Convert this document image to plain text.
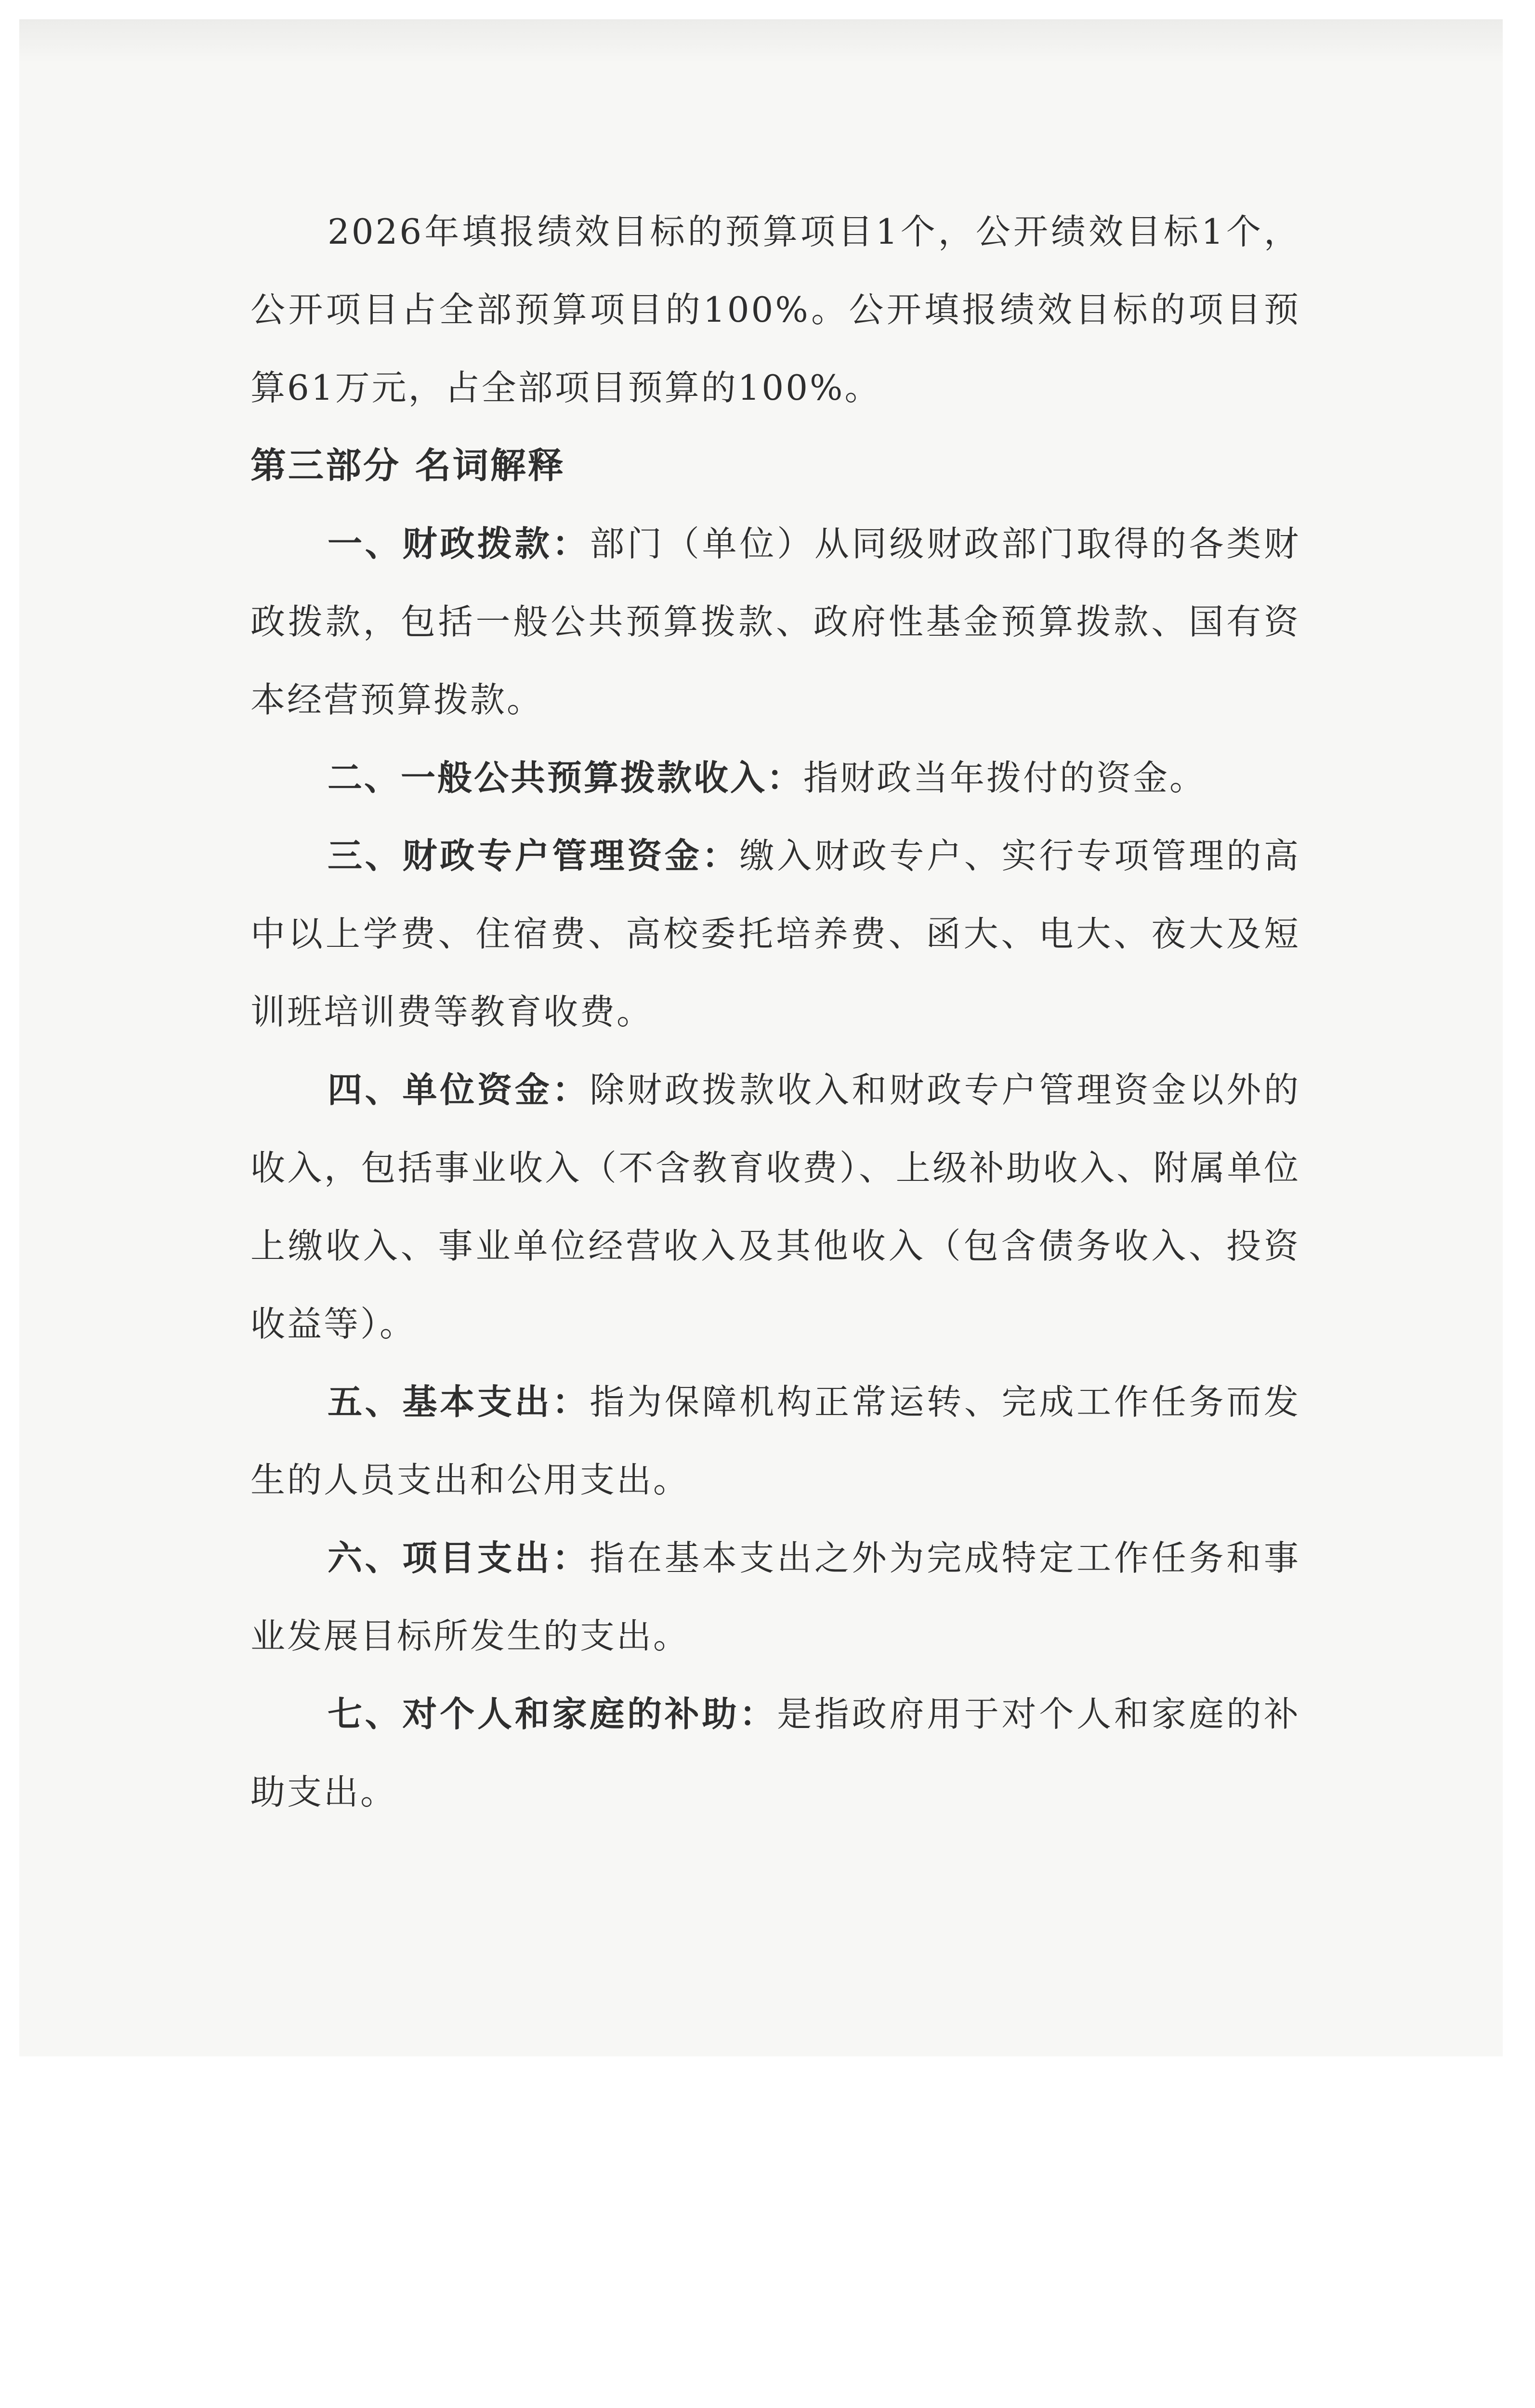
2026年填报绩效目标的预算项目1个，公开绩效目标1个，公开项目占全部预算项目的100%。公开填报绩效目标的项目预算61万元，占全部项目预算的100%。

第三部分 名词解释

一、财政拨款：部门（单位）从同级财政部门取得的各类财政拨款，包括一般公共预算拨款、政府性基金预算拨款、国有资本经营预算拨款。

二、一般公共预算拨款收入：指财政当年拨付的资金。

三、财政专户管理资金：缴入财政专户、实行专项管理的高中以上学费、住宿费、高校委托培养费、函大、电大、夜大及短训班培训费等教育收费。

四、单位资金：除财政拨款收入和财政专户管理资金以外的收入，包括事业收入（不含教育收费）、上级补助收入、附属单位上缴收入、事业单位经营收入及其他收入（包含债务收入、投资收益等）。

五、基本支出：指为保障机构正常运转、完成工作任务而发生的人员支出和公用支出。

六、项目支出：指在基本支出之外为完成特定工作任务和事业发展目标所发生的支出。

七、对个人和家庭的补助：是指政府用于对个人和家庭的补助支出。
